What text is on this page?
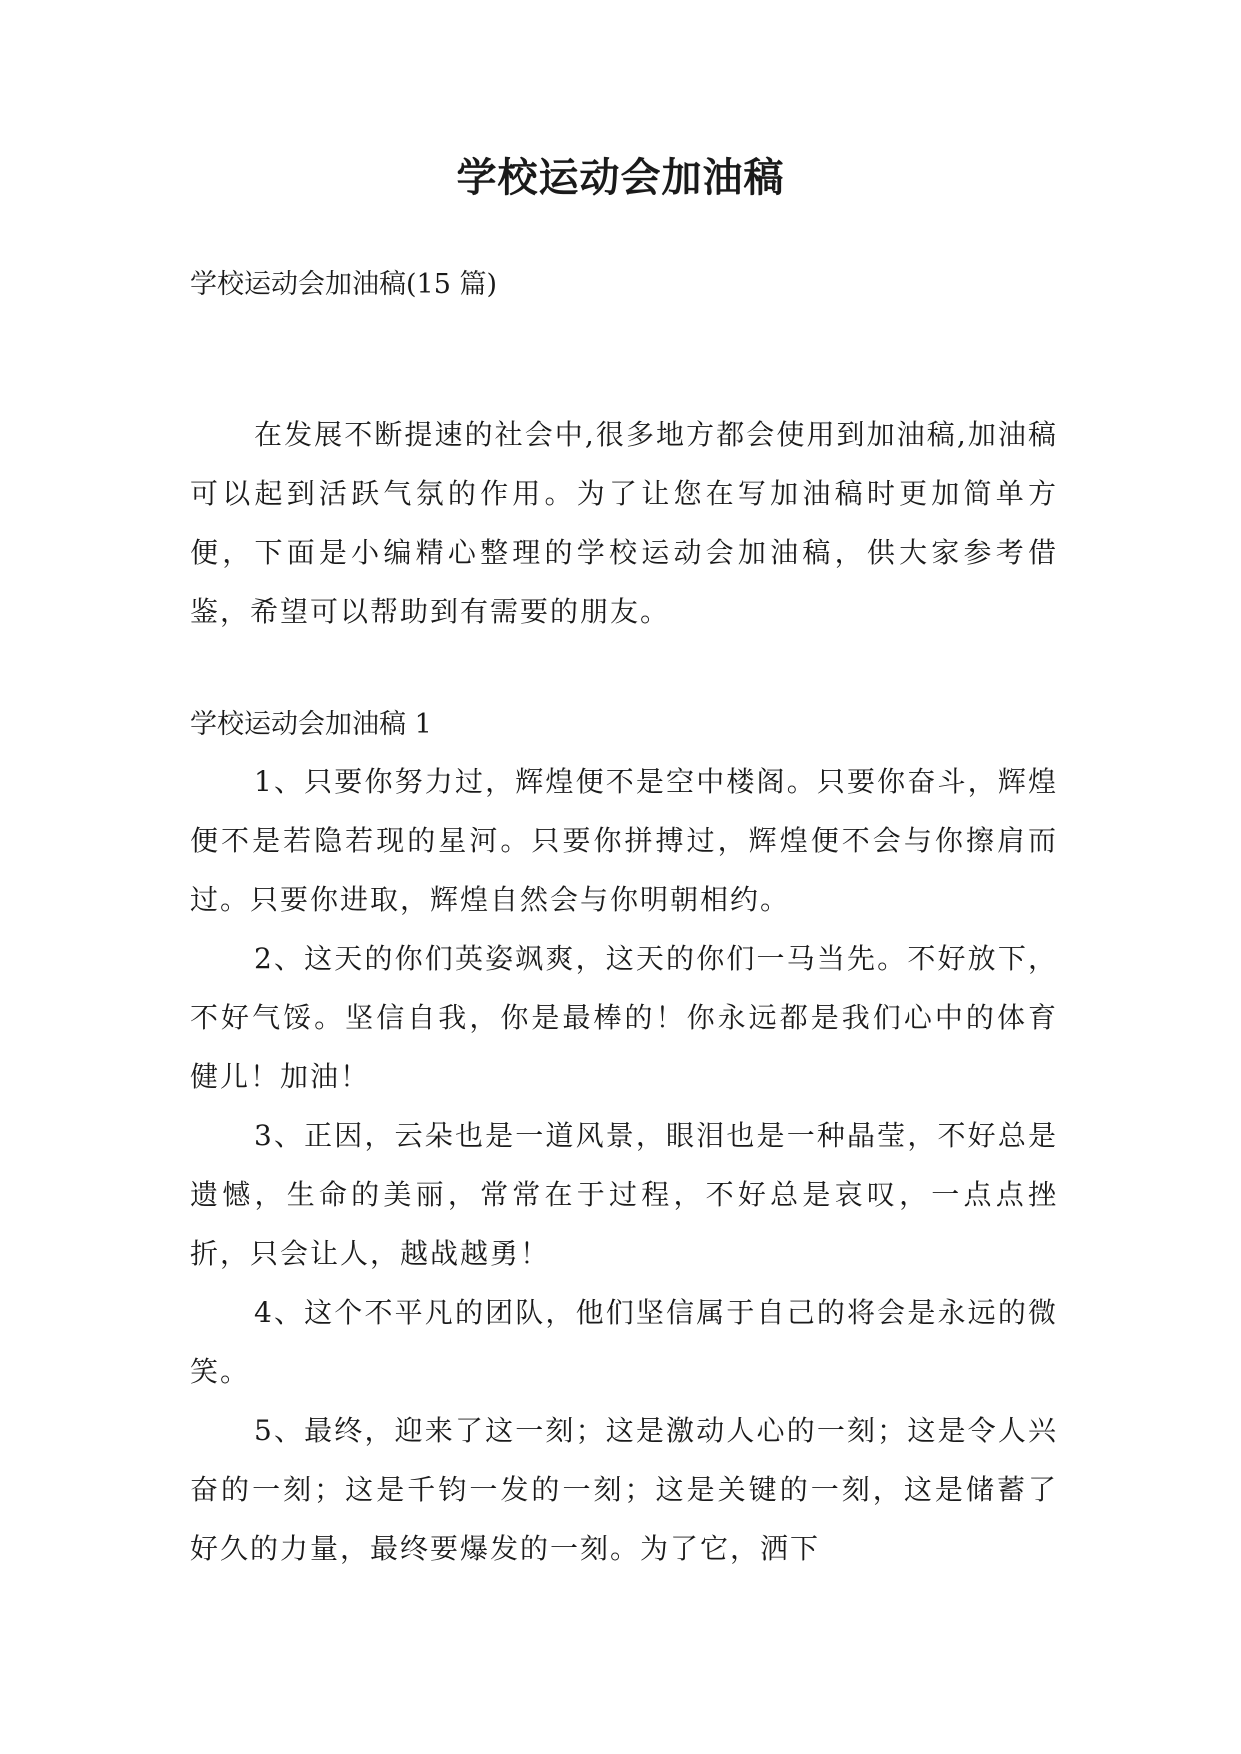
学校运动会加油稿
学校运动会加油稿(15 篇)
在发展不断提速的社会中,很多地方都会使用到加油稿,加油稿可以起到活跃气氛的作用。为了让您在写加油稿时更加简单方便，下面是小编精心整理的学校运动会加油稿，供大家参考借鉴，希望可以帮助到有需要的朋友。
学校运动会加油稿 1

1、只要你努力过，辉煌便不是空中楼阁。只要你奋斗，辉煌便不是若隐若现的星河。只要你拼搏过，辉煌便不会与你擦肩而过。只要你进取，辉煌自然会与你明朝相约。

2、这天的你们英姿飒爽，这天的你们一马当先。不好放下，不好气馁。坚信自我，你是最棒的！你永远都是我们心中的体育健儿！加油！

3、正因，云朵也是一道风景，眼泪也是一种晶莹，不好总是遗憾，生命的美丽，常常在于过程，不好总是哀叹，一点点挫折，只会让人，越战越勇！

4、这个不平凡的团队，他们坚信属于自己的将会是永远的微笑。

5、最终，迎来了这一刻；这是激动人心的一刻；这是令人兴奋的一刻；这是千钧一发的一刻；这是关键的一刻，这是储蓄了好久的力量，最终要爆发的一刻。为了它，洒下
